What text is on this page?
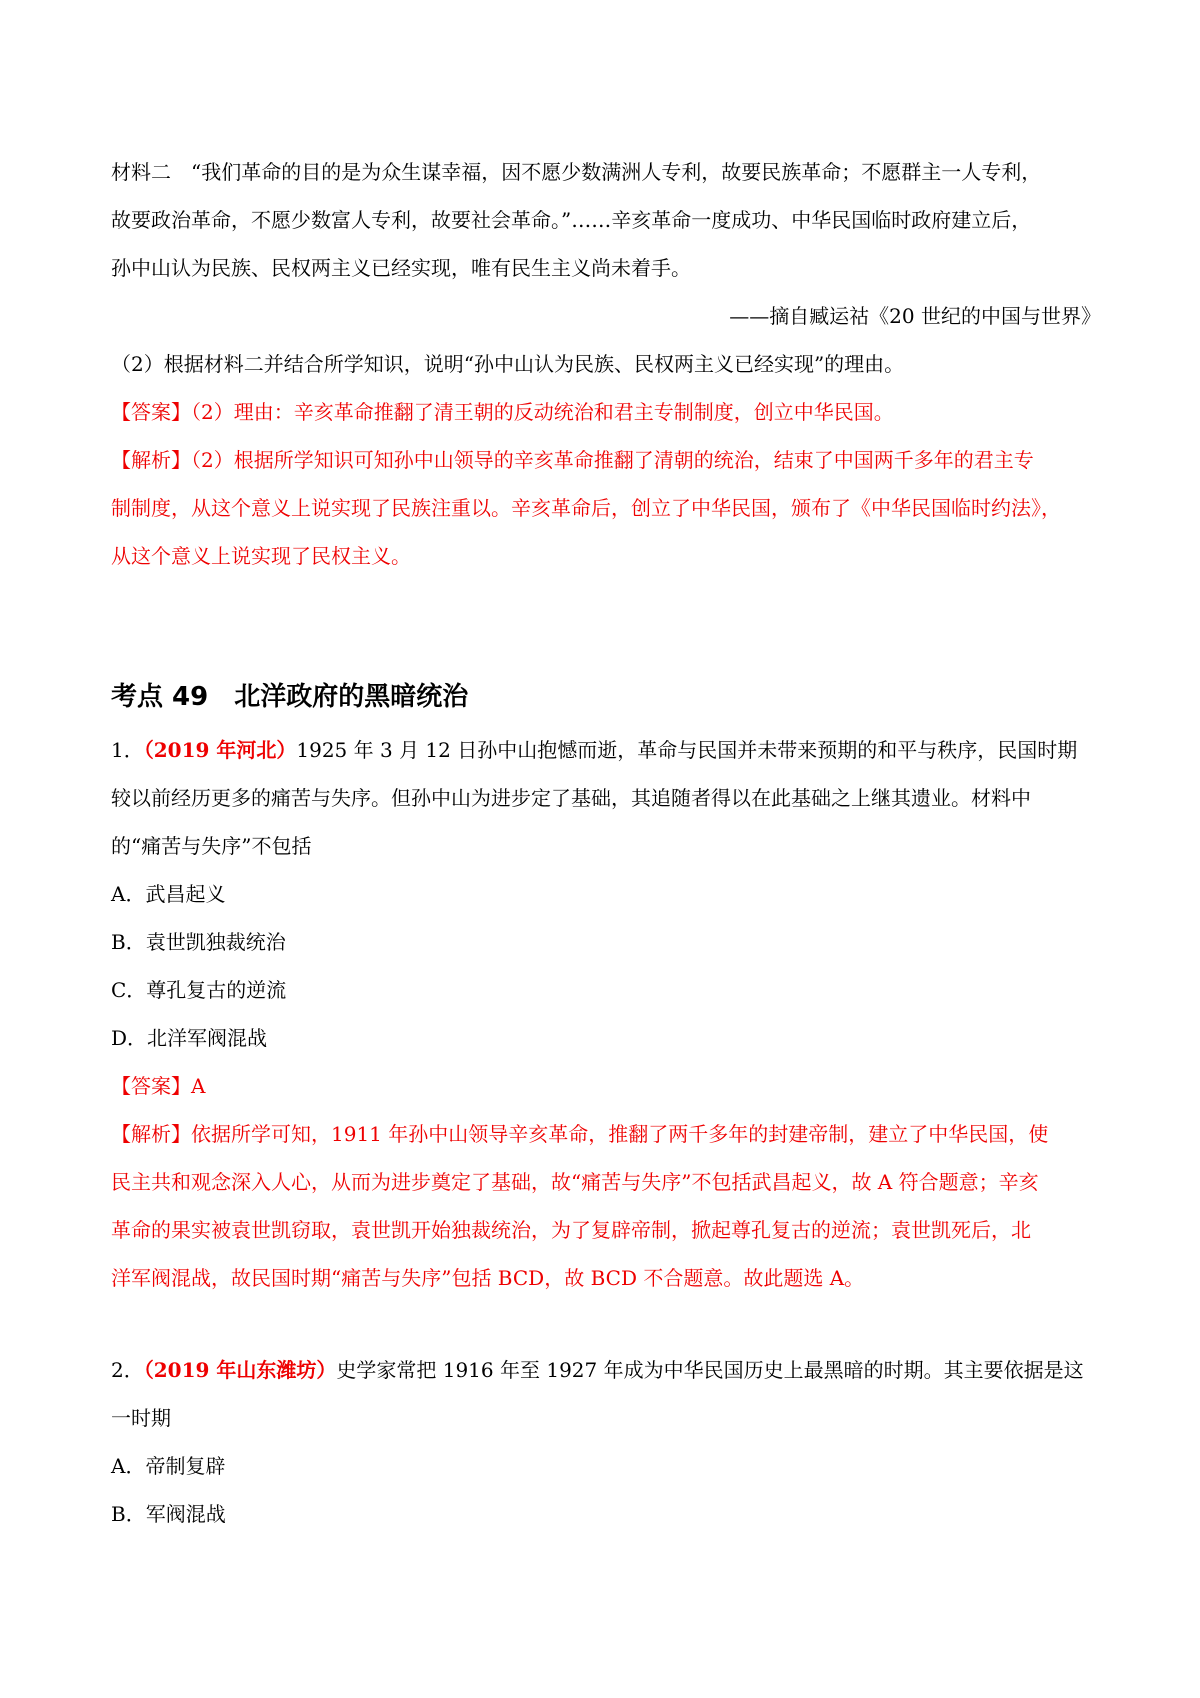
材料二　“我们革命的目的是为众生谋幸福，因不愿少数满洲人专利，故要民族革命；不愿群主一人专利，
故要政治革命，不愿少数富人专利，故要社会革命。”……辛亥革命一度成功、中华民国临时政府建立后，
孙中山认为民族、民权两主义已经实现，唯有民生主义尚未着手。
——摘自臧运祜《20 世纪的中国与世界》
（2）根据材料二并结合所学知识，说明“孙中山认为民族、民权两主义已经实现”的理由。
【答案】（2）理由：辛亥革命推翻了清王朝的反动统治和君主专制制度，创立中华民国。
【解析】（2）根据所学知识可知孙中山领导的辛亥革命推翻了清朝的统治，结束了中国两千多年的君主专
制制度，从这个意义上说实现了民族注重以。辛亥革命后，创立了中华民国，颁布了《中华民国临时约法》，
从这个意义上说实现了民权主义。
考点 49　北洋政府的黑暗统治
1．（2019 年河北）1925 年 3 月 12 日孙中山抱憾而逝，革命与民国并未带来预期的和平与秩序，民国时期
较以前经历更多的痛苦与失序。但孙中山为进步定了基础，其追随者得以在此基础之上继其遗业。材料中
的“痛苦与失序”不包括
A．武昌起义
B．袁世凯独裁统治
C．尊孔复古的逆流
D．北洋军阀混战
【答案】A
【解析】依据所学可知，1911 年孙中山领导辛亥革命，推翻了两千多年的封建帝制，建立了中华民国，使
民主共和观念深入人心，从而为进步奠定了基础，故“痛苦与失序”不包括武昌起义，故 A 符合题意；辛亥
革命的果实被袁世凯窃取，袁世凯开始独裁统治，为了复辟帝制，掀起尊孔复古的逆流；袁世凯死后，北
洋军阀混战，故民国时期“痛苦与失序”包括 BCD，故 BCD 不合题意。故此题选 A。
2．（2019 年山东潍坊）史学家常把 1916 年至 1927 年成为中华民国历史上最黑暗的时期。其主要依据是这
一时期
A．帝制复辟
B．军阀混战
